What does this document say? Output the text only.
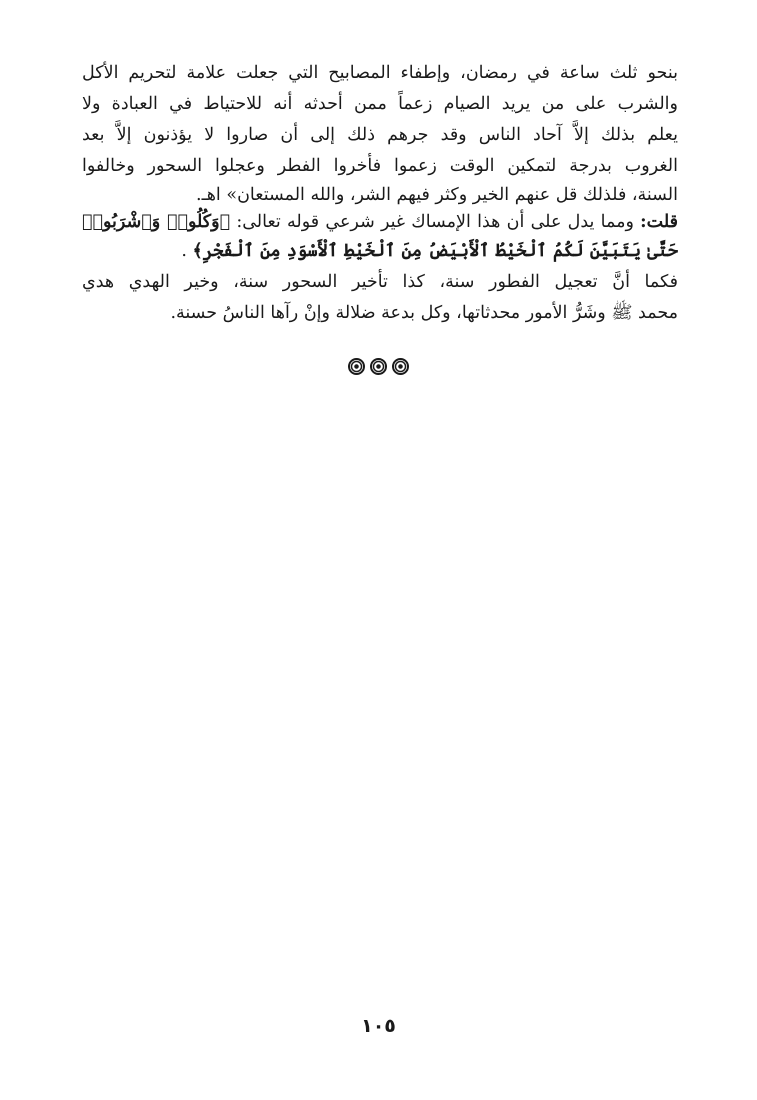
بنحو ثلث ساعة في رمضان، وإطفاء المصابيح التي جعلت علامة لتحريم الأكل
والشرب على من يريد الصيام زعماً ممن أحدثه أنه للاحتياط في العبادة ولا
يعلم بذلك إلاَّ آحاد الناس وقد جرهم ذلك إلى أن صاروا لا يؤذنون إلاَّ بعد
الغروب بدرجة لتمكين الوقت زعموا فأخروا الفطر وعجلوا السحور وخالفوا
السنة، فلذلك قل عنهم الخير وكثر فيهم الشر، والله المستعان» اهـ.
قلت: ومما يدل على أن هذا الإمساك غير شرعي قوله تعالى: ﴿وَكُلُوا۟ وَٱشْرَبُوا۟
حَتَّىٰ يَتَبَيَّنَ لَكُمُ ٱلْخَيْطُ ٱلْأَبْيَضُ مِنَ ٱلْخَيْطِ ٱلْأَسْوَدِ مِنَ ٱلْفَجْرِ﴾ .
فكما أنَّ تعجيل الفطور سنة، كذا تأخير السحور سنة، وخير الهدي هدي
محمد ﷺ وشَرُّ الأمور محدثاتها، وكل بدعة ضلالة وإنْ رآها الناسُ حسنة.
١٠٥
